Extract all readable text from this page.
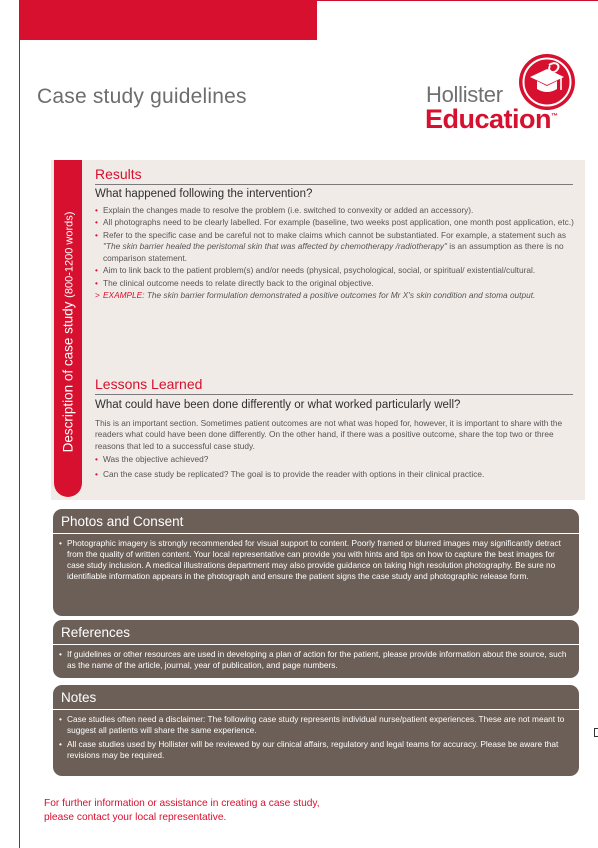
Case study guidelines	Hollister
Education™
Description of case study (800-1200 words)
Results
What happened following the intervention?
• Explain the changes made to resolve the problem (i.e. switched to convexity or added an accessory).
• All photographs need to be clearly labelled. For example (baseline, two weeks post application, one month post application, etc.)
• Refer to the specific case and be careful not to make claims which cannot be substantiated. For example, a statement such as "The skin barrier healed the peristomal skin that was affected by chemotherapy /radiotherapy" is an assumption as there is no comparison statement.
• Aim to link back to the patient problem(s) and/or needs (physical, psychological, social, or spiritual/ existential/cultural.
• The clinical outcome needs to relate directly back to the original objective.
> EXAMPLE: The skin barrier formulation demonstrated a positive outcomes for Mr X's skin condition and stoma output.
Lessons Learned
What could have been done differently or what worked particularly well?
This is an important section. Sometimes patient outcomes are not what was hoped for, however, it is important to share with the readers what could have been done differently. On the other hand, if there was a positive outcome, share the top two or three reasons that led to a successful case study.
• Was the objective achieved?
• Can the case study be replicated? The goal is to provide the reader with options in their clinical practice.
Photos and Consent
• Photographic imagery is strongly recommended for visual support to content. Poorly framed or blurred images may significantly detract from the quality of written content. Your local representative can provide you with hints and tips on how to capture the best images for case study inclusion. A medical illustrations department may also provide guidance on taking high resolution photography. Be sure no identifiable information appears in the photograph and ensure the patient signs the case study and photographic release form.
References
• If guidelines or other resources are used in developing a plan of action for the patient, please provide information about the source, such as the name of the article, journal, year of publication, and page numbers.
Notes
• Case studies often need a disclaimer: The following case study represents individual nurse/patient experiences. These are not meant to suggest all patients will share the same experience.
• All case studies used by Hollister will be reviewed by our clinical affairs, regulatory and legal teams for accuracy. Please be aware that revisions may be required.
For further information or assistance in creating a case study,
please contact your local representative.
